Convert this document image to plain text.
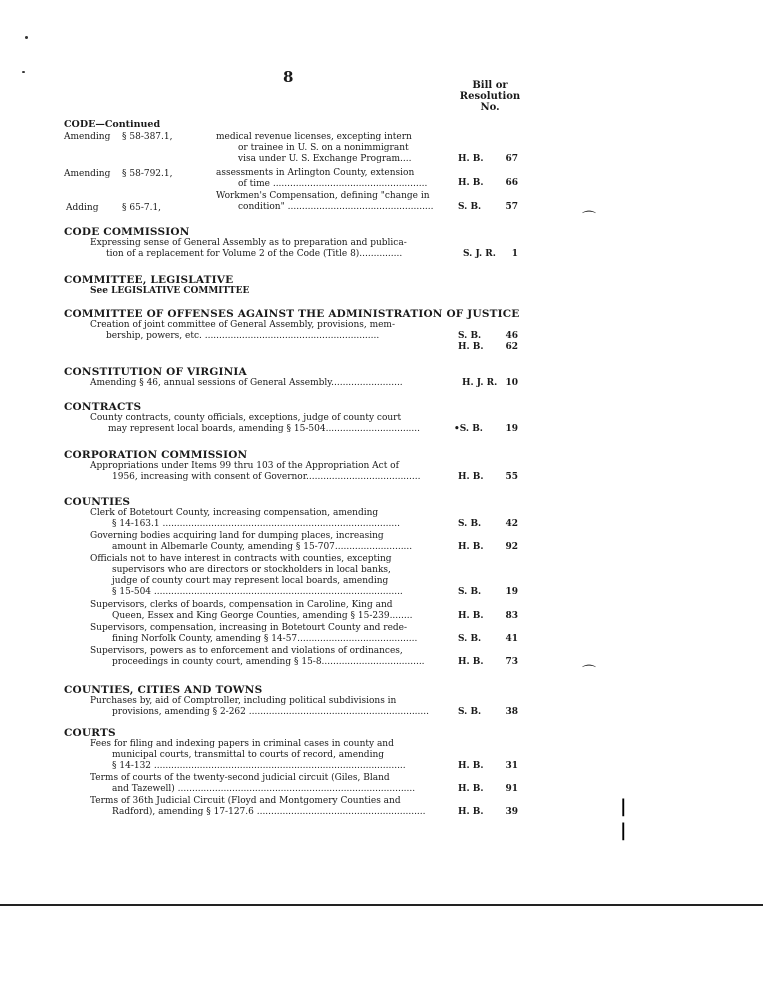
8	Bill or
Resolution
No.
CODE—Continued
Amending § 58-387.1,	medical revenue licenses, excepting intern
or trainee in U. S. on a nonimmigrant
visa under U. S. Exchange Program....	H. B.	67
Amending § 58-792.1,	assessments in Arlington County, extension
of time ......................................................	H. B.	66
Adding	§ 65-7.1,
Workmen's Compensation, defining "change in
condition" ...................................................	S. B.	57
CODE COMMISSION
Expressing sense of General Assembly as to preparation and publica-
tion of a replacement for Volume 2 of the Code (Title 8)...............	S. J. R.	1
COMMITTEE, LEGISLATIVE
See LEGISLATIVE COMMITTEE
COMMITTEE OF OFFENSES AGAINST THE ADMINISTRATION OF JUSTICE
Creation of joint committee of General Assembly, provisions, mem-
bership, powers, etc. .............................................................	S. B.	46
H. B.	62
CONSTITUTION OF VIRGINIA
Amending § 46, annual sessions of General Assembly.........................	H. J. R. 10
CONTRACTS
County contracts, county officials, exceptions, judge of county court
may represent local boards, amending § 15-504.................................	•S. B.	19
CORPORATION COMMISSION
Appropriations under Items 99 thru 103 of the Appropriation Act of
1956, increasing with consent of Governor........................................	H. B.	55
COUNTIES
Clerk of Botetourt County, increasing compensation, amending
§ 14-163.1 ...................................................................................	S. B.	42
Governing bodies acquiring land for dumping places, increasing
amount in Albemarle County, amending § 15-707...........................	H. B.	92
Officials not to have interest in contracts with counties, excepting
supervisors who are directors or stockholders in local banks,
judge of county court may represent local boards, amending
§ 15-504 .......................................................................................	S. B.	19
Supervisors, clerks of boards, compensation in Caroline, King and
Queen, Essex and King George Counties, amending § 15-239........	H. B.	83
Supervisors, compensation, increasing in Botetourt County and rede-
fining Norfolk County, amending § 14-57..........................................	S. B.	41
Supervisors, powers as to enforcement and violations of ordinances,
proceedings in county court, amending § 15-8....................................	H. B.	73
COUNTIES, CITIES AND TOWNS
Purchases by, aid of Comptroller, including political subdivisions in
provisions, amending § 2-262 ...............................................................	S. B.	38
COURTS
Fees for filing and indexing papers in criminal cases in county and
municipal courts, transmittal to courts of record, amending
§ 14-132 ........................................................................................	H. B.	31
Terms of courts of the twenty-second judicial circuit (Giles, Bland
and Tazewell) ...................................................................................	H. B.	91
Terms of 36th Judicial Circuit (Floyd and Montgomery Counties and
Radford), amending § 17-127.6 ...........................................................	H. B.	39
⌒
⌒
|
|
